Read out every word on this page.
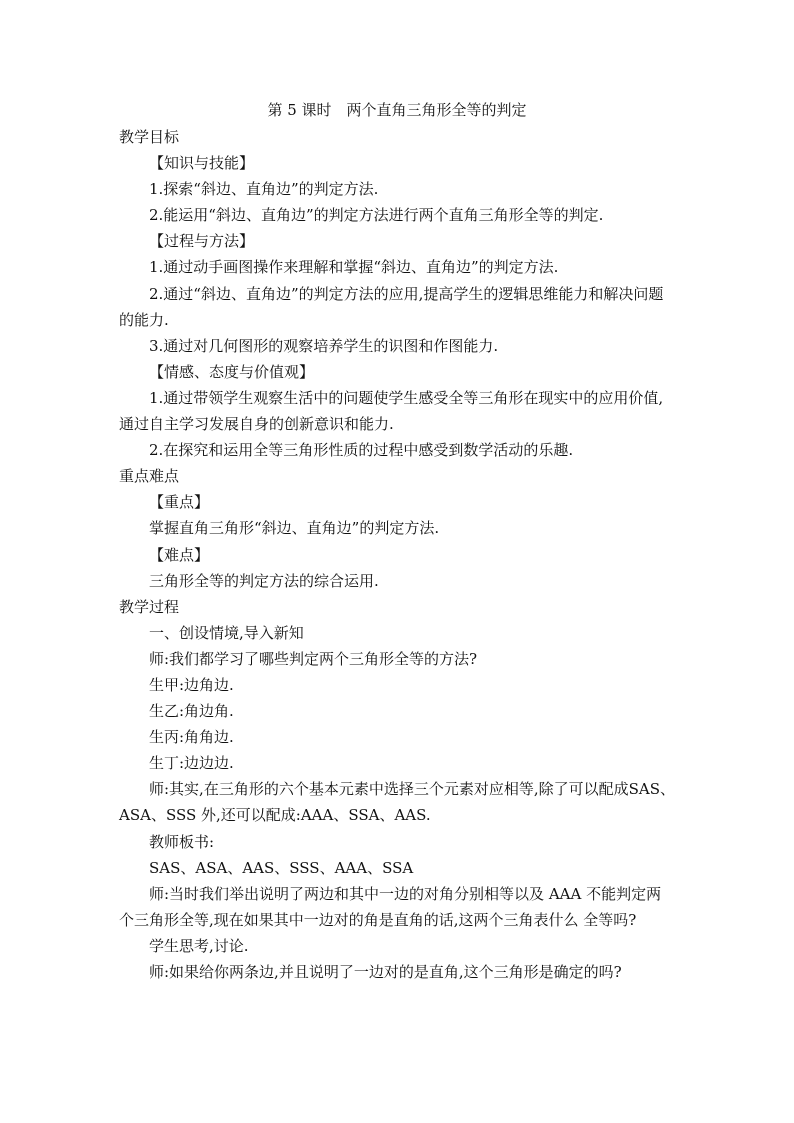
第 5 课时　两个直角三角形全等的判定

教学目标

【知识与技能】

1.探索“斜边、直角边”的判定方法.

2.能运用“斜边、直角边”的判定方法进行两个直角三角形全等的判定.

【过程与方法】

1.通过动手画图操作来理解和掌握“斜边、直角边”的判定方法.

2.通过“斜边、直角边”的判定方法的应用,提高学生的逻辑思维能力和解决问题的能力.

3.通过对几何图形的观察培养学生的识图和作图能力.

【情感、态度与价值观】

1.通过带领学生观察生活中的问题使学生感受全等三角形在现实中的应用价值,通过自主学习发展自身的创新意识和能力.

2.在探究和运用全等三角形性质的过程中感受到数学活动的乐趣.

重点难点

【重点】

掌握直角三角形“斜边、直角边”的判定方法.

【难点】

三角形全等的判定方法的综合运用.

教学过程

一、创设情境,导入新知

师:我们都学习了哪些判定两个三角形全等的方法?

生甲:边角边.

生乙:角边角.

生丙:角角边.

生丁:边边边.

师:其实,在三角形的六个基本元素中选择三个元素对应相等,除了可以配成SAS、ASA、SSS 外,还可以配成:AAA、SSA、AAS.

教师板书:

SAS、ASA、AAS、SSS、AAA、SSA

师:当时我们举出说明了两边和其中一边的对角分别相等以及 AAA 不能判定两个三角形全等,现在如果其中一边对的角是直角的话,这两个三角表什么 全等吗?

学生思考,讨论.

师:如果给你两条边,并且说明了一边对的是直角,这个三角形是确定的吗?
